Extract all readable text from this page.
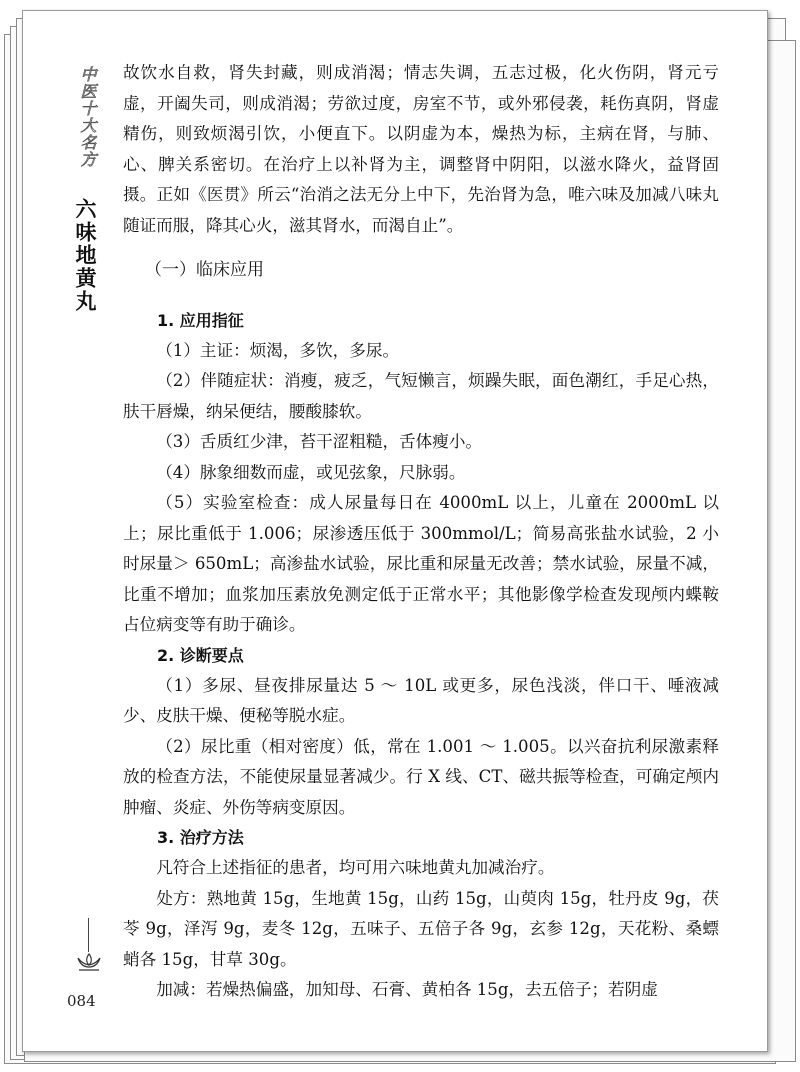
中医十大名方
六味地黄丸
084

故饮水自救，肾失封藏，则成消渴；情志失调，五志过极，化火伤阴，肾元亏虚，开阖失司，则成消渴；劳欲过度，房室不节，或外邪侵袭，耗伤真阴，肾虚精伤，则致烦渴引饮，小便直下。以阴虚为本，燥热为标，主病在肾，与肺、心、脾关系密切。在治疗上以补肾为主，调整肾中阴阳，以滋水降火，益肾固摄。正如《医贯》所云“治消之法无分上中下，先治肾为急，唯六味及加减八味丸随证而服，降其心火，滋其肾水，而渴自止”。

（一）临床应用
1. 应用指征

（1）主证：烦渴，多饮，多尿。

（2）伴随症状：消瘦，疲乏，气短懒言，烦躁失眠，面色潮红，手足心热，肤干唇燥，纳呆便结，腰酸膝软。

（3）舌质红少津，苔干涩粗糙，舌体瘦小。

（4）脉象细数而虚，或见弦象，尺脉弱。

（5）实验室检查：成人尿量每日在 4000mL 以上，儿童在 2000mL 以上；尿比重低于 1.006；尿渗透压低于 300mmol/L；简易高张盐水试验，2 小时尿量＞ 650mL；高渗盐水试验，尿比重和尿量无改善；禁水试验，尿量不减，比重不增加；血浆加压素放免测定低于正常水平；其他影像学检查发现颅内蝶鞍占位病变等有助于确诊。

2. 诊断要点

（1）多尿、昼夜排尿量达 5 ～ 10L 或更多，尿色浅淡，伴口干、唾液减少、皮肤干燥、便秘等脱水症。

（2）尿比重（相对密度）低，常在 1.001 ～ 1.005。以兴奋抗利尿激素释放的检查方法，不能使尿量显著减少。行 X 线、CT、磁共振等检查，可确定颅内肿瘤、炎症、外伤等病变原因。

3. 治疗方法

凡符合上述指征的患者，均可用六味地黄丸加减治疗。

处方：熟地黄 15g，生地黄 15g，山药 15g，山萸肉 15g，牡丹皮 9g，茯苓 9g，泽泻 9g，麦冬 12g，五味子、五倍子各 9g，玄参 12g，天花粉、桑螵蛸各 15g，甘草 30g。

加减：若燥热偏盛，加知母、石膏、黄柏各 15g，去五倍子；若阴虚
